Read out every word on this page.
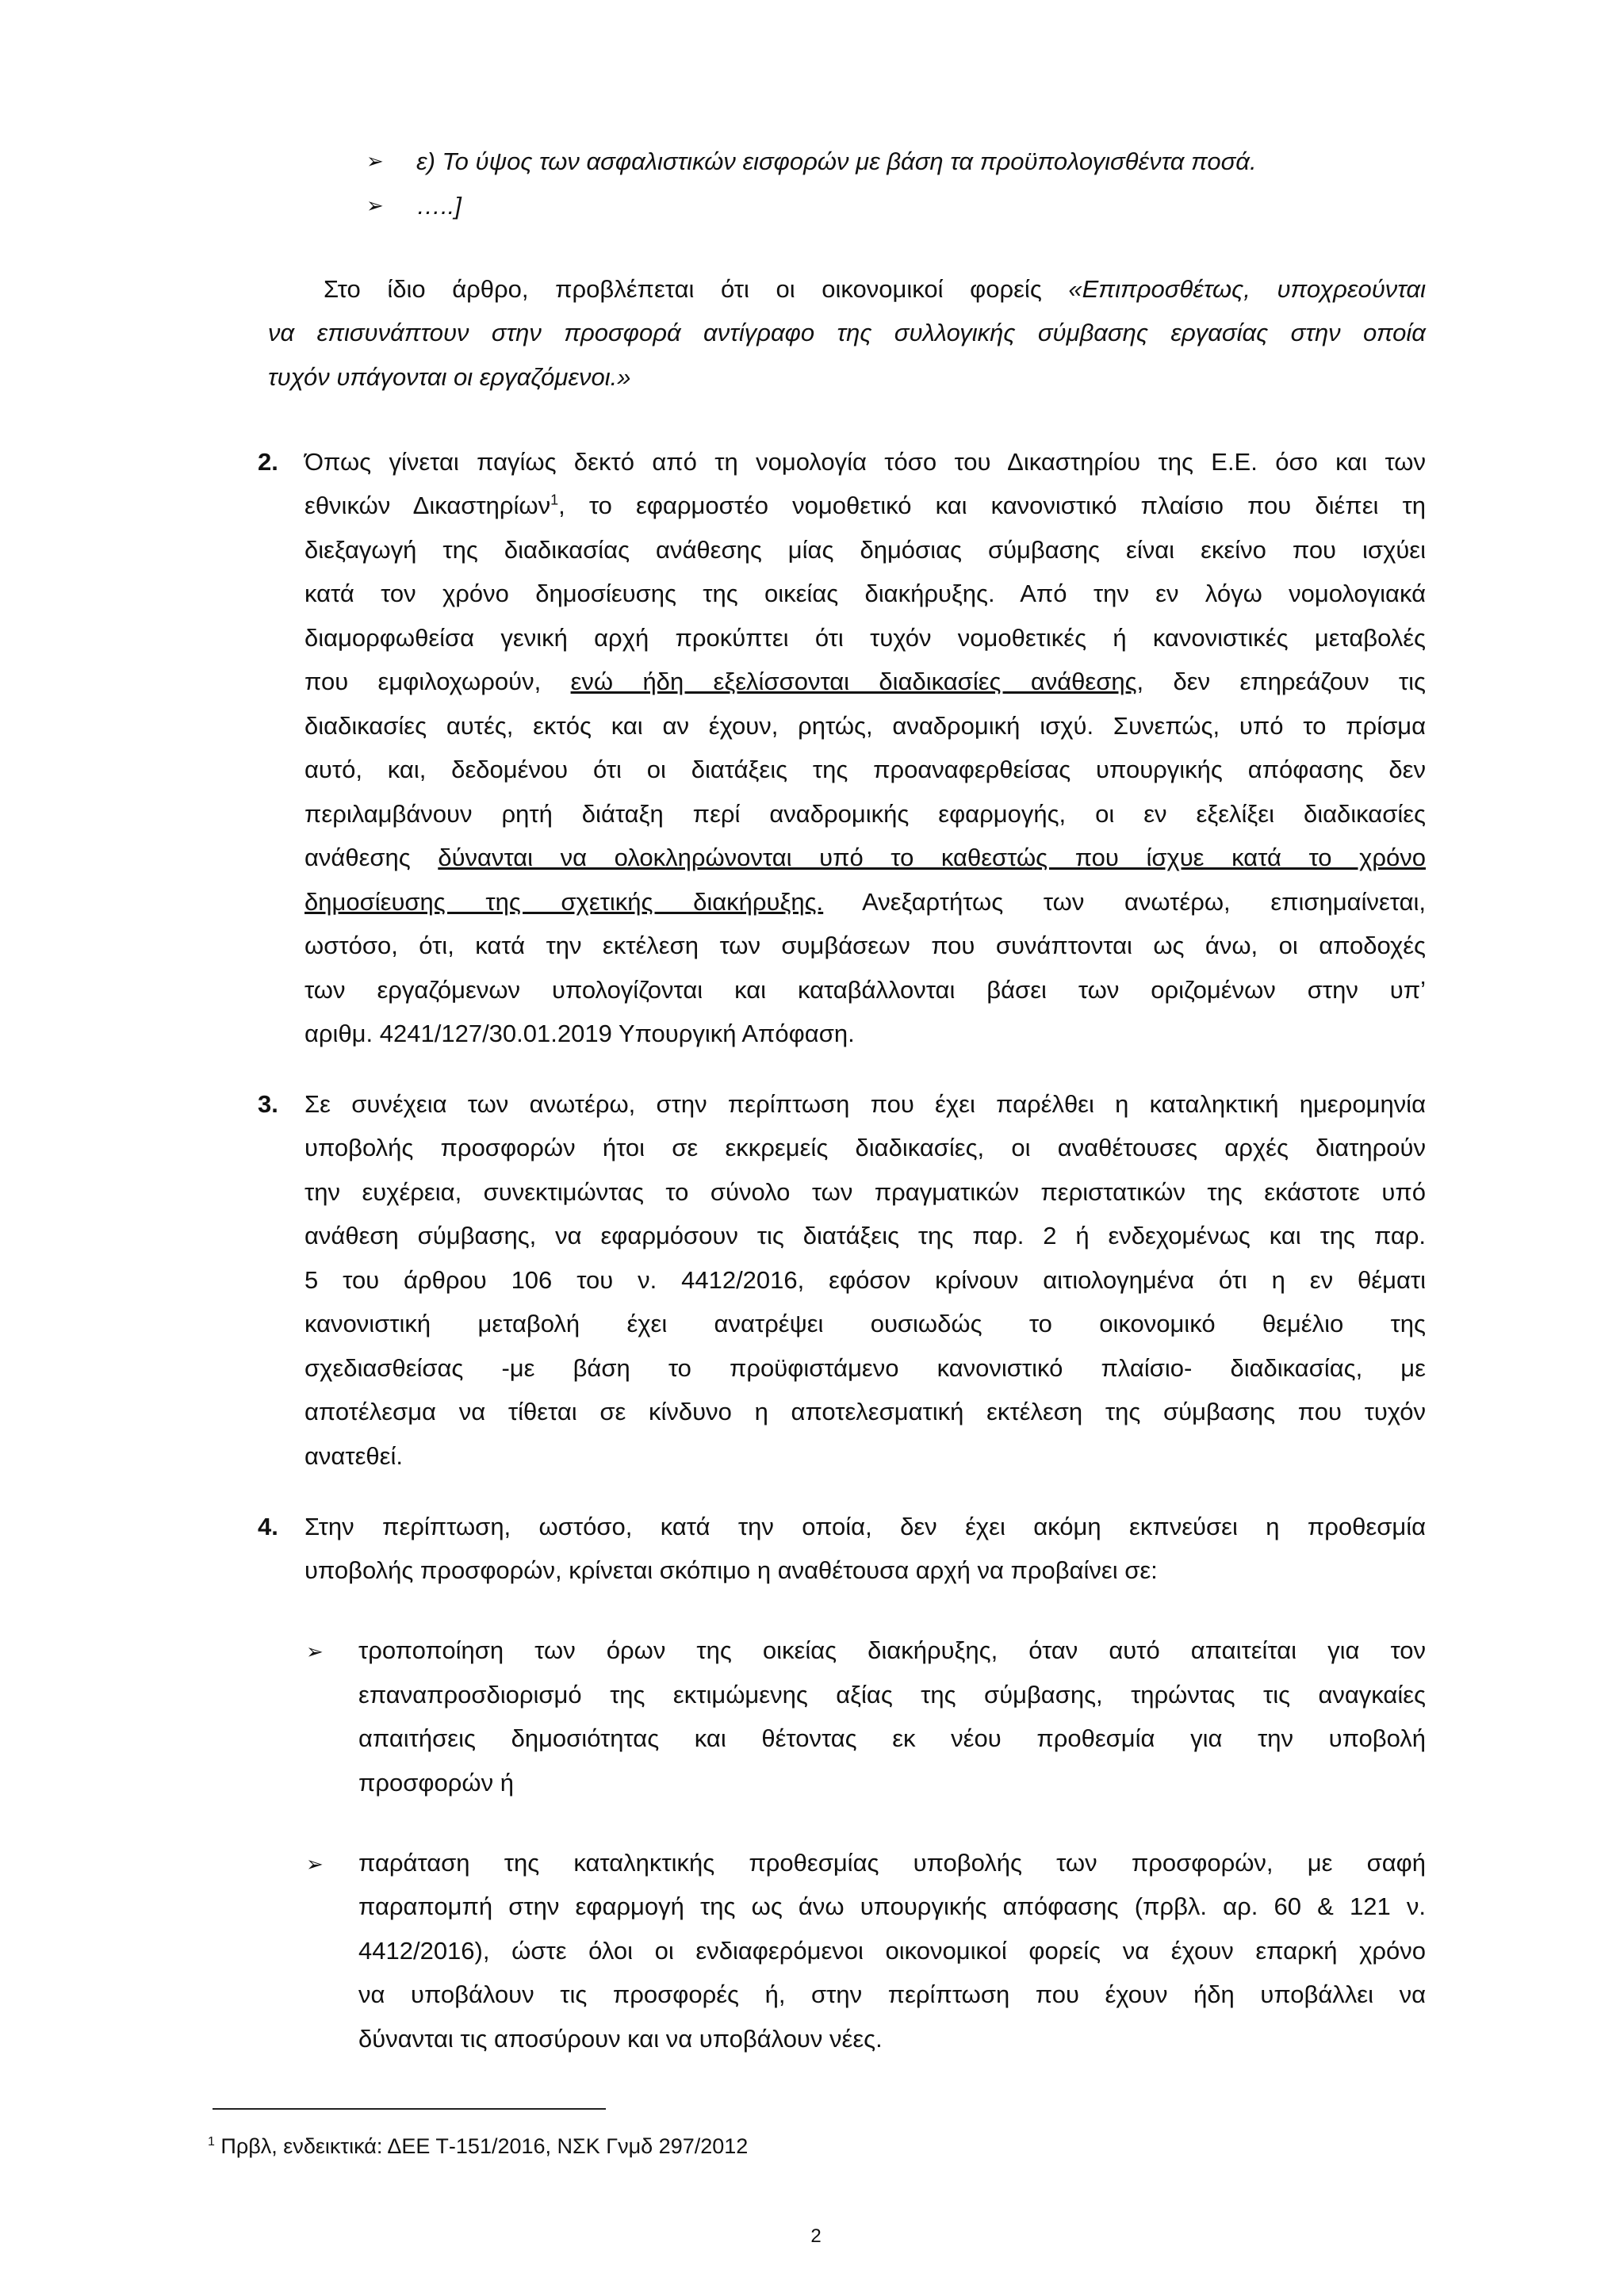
➢ ε) Το ύψος των ασφαλιστικών εισφορών με βάση τα προϋπολογισθέντα ποσά.
➢ …..]
Στο ίδιο άρθρο, προβλέπεται ότι οι οικονομικοί φορείς «Επιπροσθέτως, υποχρεούνται
να επισυνάπτουν στην προσφορά αντίγραφο της συλλογικής σύμβασης εργασίας στην οποία
τυχόν υπάγονται οι εργαζόμενοι.»
2. Όπως γίνεται παγίως δεκτό από τη νομολογία τόσο του Δικαστηρίου της Ε.Ε. όσο και των
εθνικών Δικαστηρίων$^1$, το εφαρμοστέο νομοθετικό και κανονιστικό πλαίσιο που διέπει τη
διεξαγωγή της διαδικασίας ανάθεσης μίας δημόσιας σύμβασης είναι εκείνο που ισχύει
κατά τον χρόνο δημοσίευσης της οικείας διακήρυξης. Από την εν λόγω νομολογιακά
διαμορφωθείσα γενική αρχή προκύπτει ότι τυχόν νομοθετικές ή κανονιστικές μεταβολές
που εμφιλοχωρούν, ενώ ήδη εξελίσσονται διαδικασίες ανάθεσης, δεν επηρεάζουν τις
διαδικασίες αυτές, εκτός και αν έχουν, ρητώς, αναδρομική ισχύ. Συνεπώς, υπό το πρίσμα
αυτό, και, δεδομένου ότι οι διατάξεις της προαναφερθείσας υπουργικής απόφασης δεν
περιλαμβάνουν ρητή διάταξη περί αναδρομικής εφαρμογής, οι εν εξελίξει διαδικασίες
ανάθεσης δύνανται να ολοκληρώνονται υπό το καθεστώς που ίσχυε κατά το χρόνο
δημοσίευσης της σχετικής διακήρυξης. Ανεξαρτήτως των ανωτέρω, επισημαίνεται,
ωστόσο, ότι, κατά την εκτέλεση των συμβάσεων που συνάπτονται ως άνω, οι αποδοχές
των εργαζόμενων υπολογίζονται και καταβάλλονται βάσει των οριζομένων στην υπ’
αριθμ. 4241/127/30.01.2019 Υπουργική Απόφαση.
3. Σε συνέχεια των ανωτέρω, στην περίπτωση που έχει παρέλθει η καταληκτική ημερομηνία
υποβολής προσφορών ήτοι σε εκκρεμείς διαδικασίες, οι αναθέτουσες αρχές διατηρούν
την ευχέρεια, συνεκτιμώντας το σύνολο των πραγματικών περιστατικών της εκάστοτε υπό
ανάθεση σύμβασης, να εφαρμόσουν τις διατάξεις της παρ. 2 ή ενδεχομένως και της παρ.
5 του άρθρου 106 του ν. 4412/2016, εφόσον κρίνουν αιτιολογημένα ότι η εν θέματι
κανονιστική μεταβολή έχει ανατρέψει ουσιωδώς το οικονομικό θεμέλιο της
σχεδιασθείσας -με βάση το προϋφιστάμενο κανονιστικό πλαίσιο- διαδικασίας, με
αποτέλεσμα να τίθεται σε κίνδυνο η αποτελεσματική εκτέλεση της σύμβασης που τυχόν
ανατεθεί.
4. Στην περίπτωση, ωστόσο, κατά την οποία, δεν έχει ακόμη εκπνεύσει η προθεσμία
υποβολής προσφορών, κρίνεται σκόπιμο η αναθέτουσα αρχή να προβαίνει σε:
➢ τροποποίηση των όρων της οικείας διακήρυξης, όταν αυτό απαιτείται για τον
επαναπροσδιορισμό της εκτιμώμενης αξίας της σύμβασης, τηρώντας τις αναγκαίες
απαιτήσεις δημοσιότητας και θέτοντας εκ νέου προθεσμία για την υποβολή
προσφορών ή
➢ παράταση της καταληκτικής προθεσμίας υποβολής των προσφορών, με σαφή
παραπομπή στην εφαρμογή της ως άνω υπουργικής απόφασης (πρβλ. αρ. 60 & 121 ν.
4412/2016), ώστε όλοι οι ενδιαφερόμενοι οικονομικοί φορείς να έχουν επαρκή χρόνο
να υποβάλουν τις προσφορές ή, στην περίπτωση που έχουν ήδη υποβάλλει να
δύνανται τις αποσύρουν και να υποβάλουν νέες.
$^1$ Πρβλ, ενδεικτικά: ΔΕΕ Τ-151/2016, ΝΣΚ Γνμδ 297/2012
2
